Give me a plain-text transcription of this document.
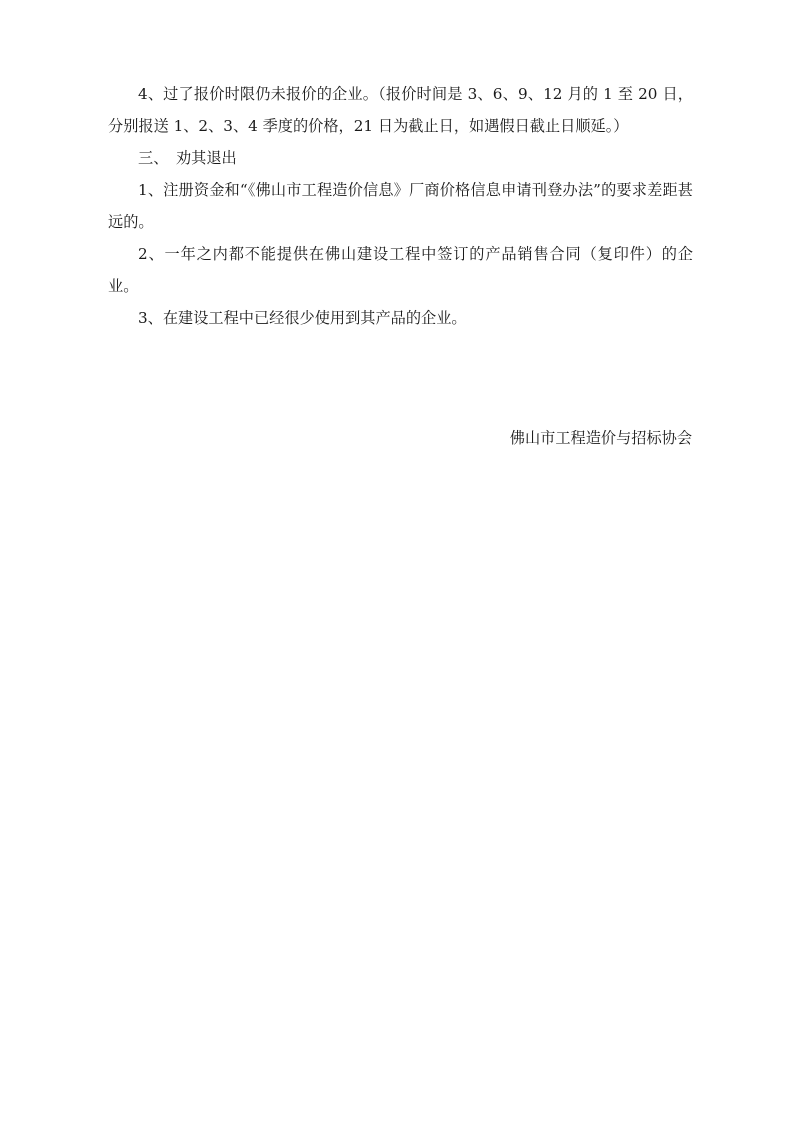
4、过了报价时限仍未报价的企业。（报价时间是 3、6、9、12 月的 1 至 20 日，分别报送 1、2、3、4 季度的价格，21 日为截止日，如遇假日截止日顺延。）

三、　劝其退出

1、注册资金和“《佛山市工程造价信息》厂商价格信息申请刊登办法”的要求差距甚远的。

2、一年之内都不能提供在佛山建设工程中签订的产品销售合同（复印件）的企业。

3、在建设工程中已经很少使用到其产品的企业。

佛山市工程造价与招标协会
